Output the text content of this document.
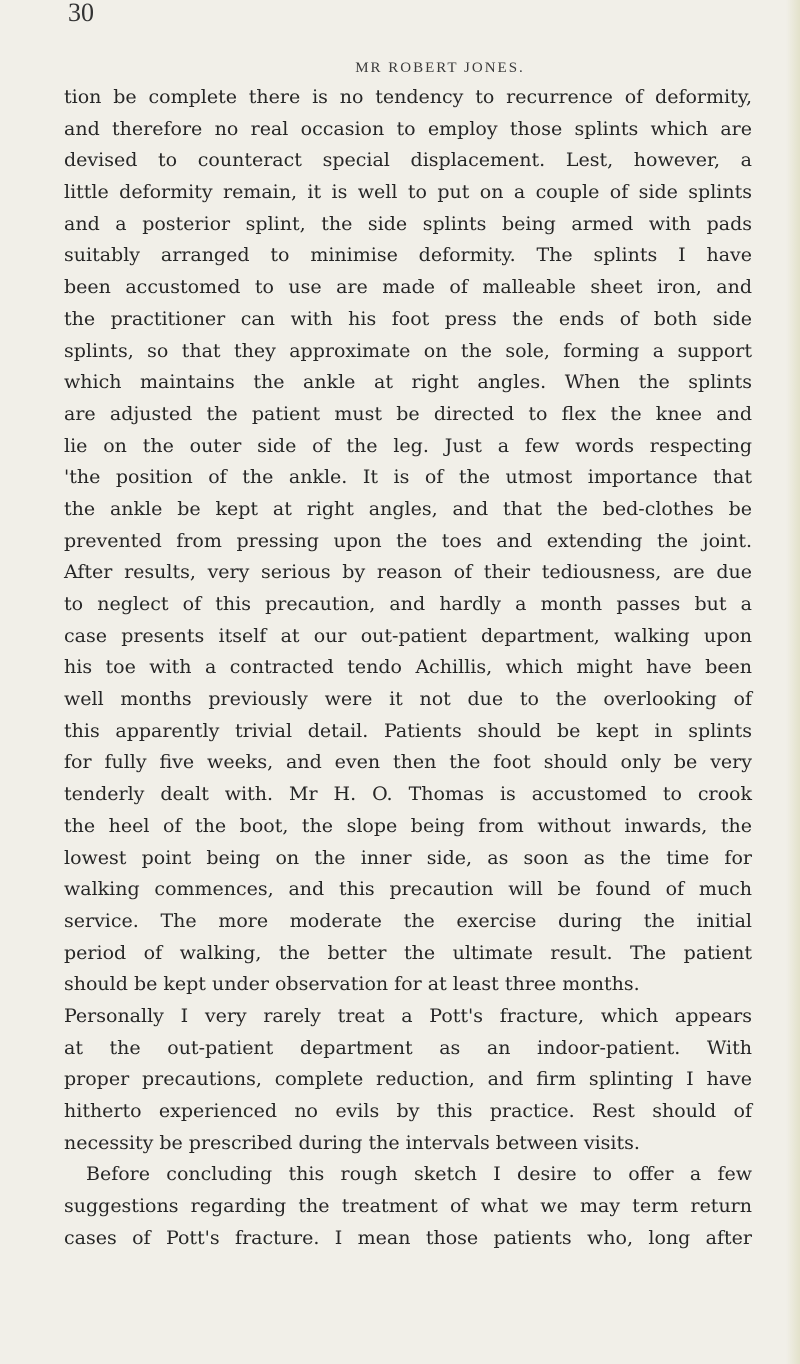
30
MR ROBERT JONES.
tion be complete there is no tendency to recurrence of deformity,
and therefore no real occasion to employ those splints which are
devised to counteract special displacement. Lest, however, a
little deformity remain, it is well to put on a couple of side splints
and a posterior splint, the side splints being armed with pads
suitably arranged to minimise deformity. The splints I have
been accustomed to use are made of malleable sheet iron, and
the practitioner can with his foot press the ends of both side
splints, so that they approximate on the sole, forming a support
which maintains the ankle at right angles. When the splints
are adjusted the patient must be directed to flex the knee and
lie on the outer side of the leg. Just a few words respecting
'the position of the ankle. It is of the utmost importance that
the ankle be kept at right angles, and that the bed-clothes be
prevented from pressing upon the toes and extending the joint.
After results, very serious by reason of their tediousness, are due
to neglect of this precaution, and hardly a month passes but a
case presents itself at our out-patient department, walking upon
his toe with a contracted tendo Achillis, which might have been
well months previously were it not due to the overlooking of
this apparently trivial detail. Patients should be kept in splints
for fully five weeks, and even then the foot should only be very
tenderly dealt with. Mr H. O. Thomas is accustomed to crook
the heel of the boot, the slope being from without inwards, the
lowest point being on the inner side, as soon as the time for
walking commences, and this precaution will be found of much
service. The more moderate the exercise during the initial
period of walking, the better the ultimate result. The patient
should be kept under observation for at least three months.
Personally I very rarely treat a Pott's fracture, which appears
at the out-patient department as an indoor-patient. With
proper precautions, complete reduction, and firm splinting I have
hitherto experienced no evils by this practice. Rest should of
necessity be prescribed during the intervals between visits.
Before concluding this rough sketch I desire to offer a few
suggestions regarding the treatment of what we may term return
cases of Pott's fracture. I mean those patients who, long after
